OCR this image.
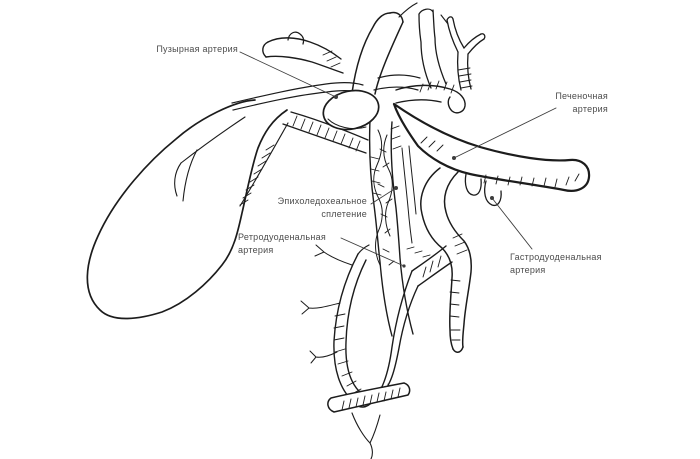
Пузырная артерия
Печеночная
артерия
Эпихоледохеальное
сплетение
Ретродуоденальная
артерия
Гастродуоденальная
артерия
